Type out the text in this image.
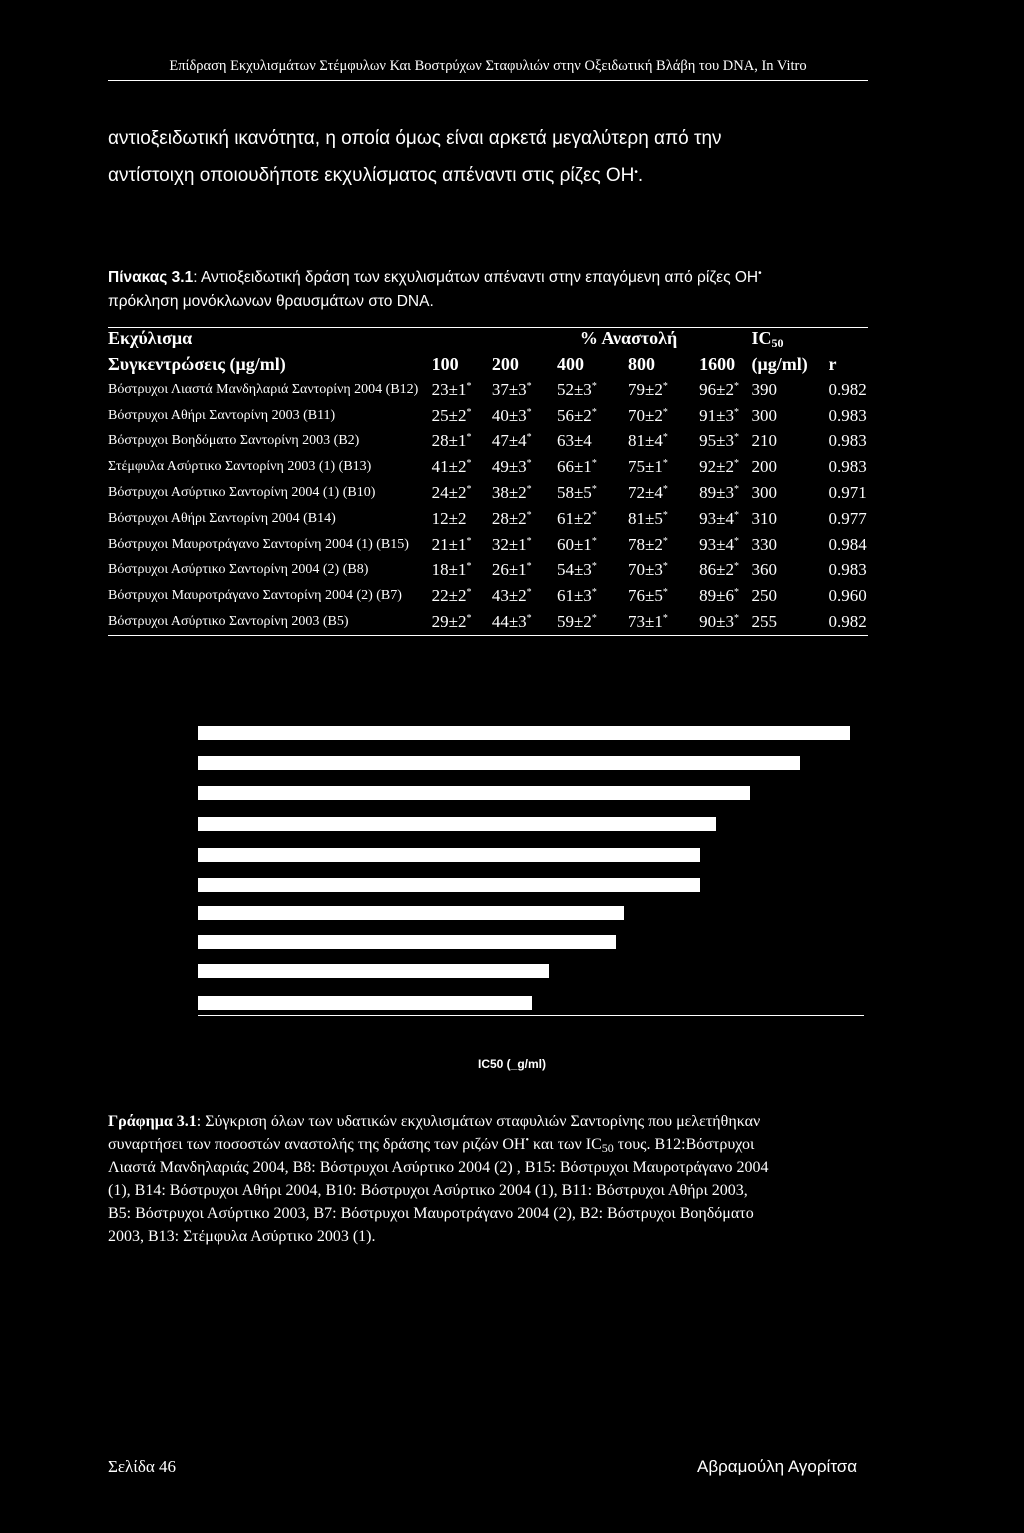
Επίδραση Εκχυλισμάτων Στέμφυλων Και Βοστρύχων Σταφυλιών στην Οξειδωτική Βλάβη του DNA, In Vitro
αντιοξειδωτική ικανότητα, η οποία όμως είναι αρκετά μεγαλύτερη από την
αντίστοιχη οποιουδήποτε εκχυλίσματος απέναντι στις ρίζες OH•.
Πίνακας 3.1: Αντιοξειδωτική δράση των εκχυλισμάτων απέναντι στην επαγόμενη από ρίζες OH•
πρόκληση μονόκλωνων θραυσμάτων στο DNA.
Εκχύλισμα		% Αναστολή				$IC_{50}$	
Συγκεντρώσεις (μg/ml)	100	200	400	800	1600	(μg/ml)	r
Βόστρυχοι Λιαστά Μανδηλαριά Σαντορίνη 2004 (Β12)	23±1*	37±3*	52±3*	79±2*	96±2*	390	0.982
Βόστρυχοι Αθήρι Σαντορίνη 2003 (Β11)	25±2*	40±3*	56±2*	70±2*	91±3*	300	0.983
Βόστρυχοι Βοηδόματο Σαντορίνη 2003 (Β2)	28±1*	47±4*	63±4	81±4*	95±3*	210	0.983
Στέμφυλα Ασύρτικο Σαντορίνη 2003 (1) (Β13)	41±2*	49±3*	66±1*	75±1*	92±2*	200	0.983
Βόστρυχοι Ασύρτικο Σαντορίνη 2004 (1) (Β10)	24±2*	38±2*	58±5*	72±4*	89±3*	300	0.971
Βόστρυχοι Αθήρι Σαντορίνη 2004 (Β14)	12±2	28±2*	61±2*	81±5*	93±4*	310	0.977
Βόστρυχοι Μαυροτράγανο Σαντορίνη 2004 (1) (Β15)	21±1*	32±1*	60±1*	78±2*	93±4*	330	0.984
Βόστρυχοι Ασύρτικο Σαντορίνη 2004 (2) (Β8)	18±1*	26±1*	54±3*	70±3*	86±2*	360	0.983
Βόστρυχοι Μαυροτράγανο Σαντορίνη 2004 (2) (Β7)	22±2*	43±2*	61±3*	76±5*	89±6*	250	0.960
Βόστρυχοι Ασύρτικο Σαντορίνη 2003 (Β5)	29±2*	44±3*	59±2*	73±1*	90±3*	255	0.982
IC50 (_g/ml)
Γράφημα 3.1: Σύγκριση όλων των υδατικών εκχυλισμάτων σταφυλιών Σαντορίνης που μελετήθηκαν
συναρτήσει των ποσοστών αναστολής της δράσης των ριζών OH• και των $IC_{50}$ τους. Β12:Βόστρυχοι
Λιαστά Μανδηλαριάς 2004, Β8: Βόστρυχοι Ασύρτικο 2004 (2) , Β15: Βόστρυχοι Μαυροτράγανο 2004
(1), Β14: Βόστρυχοι Αθήρι 2004, Β10: Βόστρυχοι Ασύρτικο 2004 (1), Β11: Βόστρυχοι Αθήρι 2003,
Β5: Βόστρυχοι Ασύρτικο 2003, Β7: Βόστρυχοι Μαυροτράγανο 2004 (2), Β2: Βόστρυχοι Βοηδόματο
2003, Β13: Στέμφυλα Ασύρτικο 2003 (1).
Σελίδα 46	Αβραμούλη Αγορίτσα
